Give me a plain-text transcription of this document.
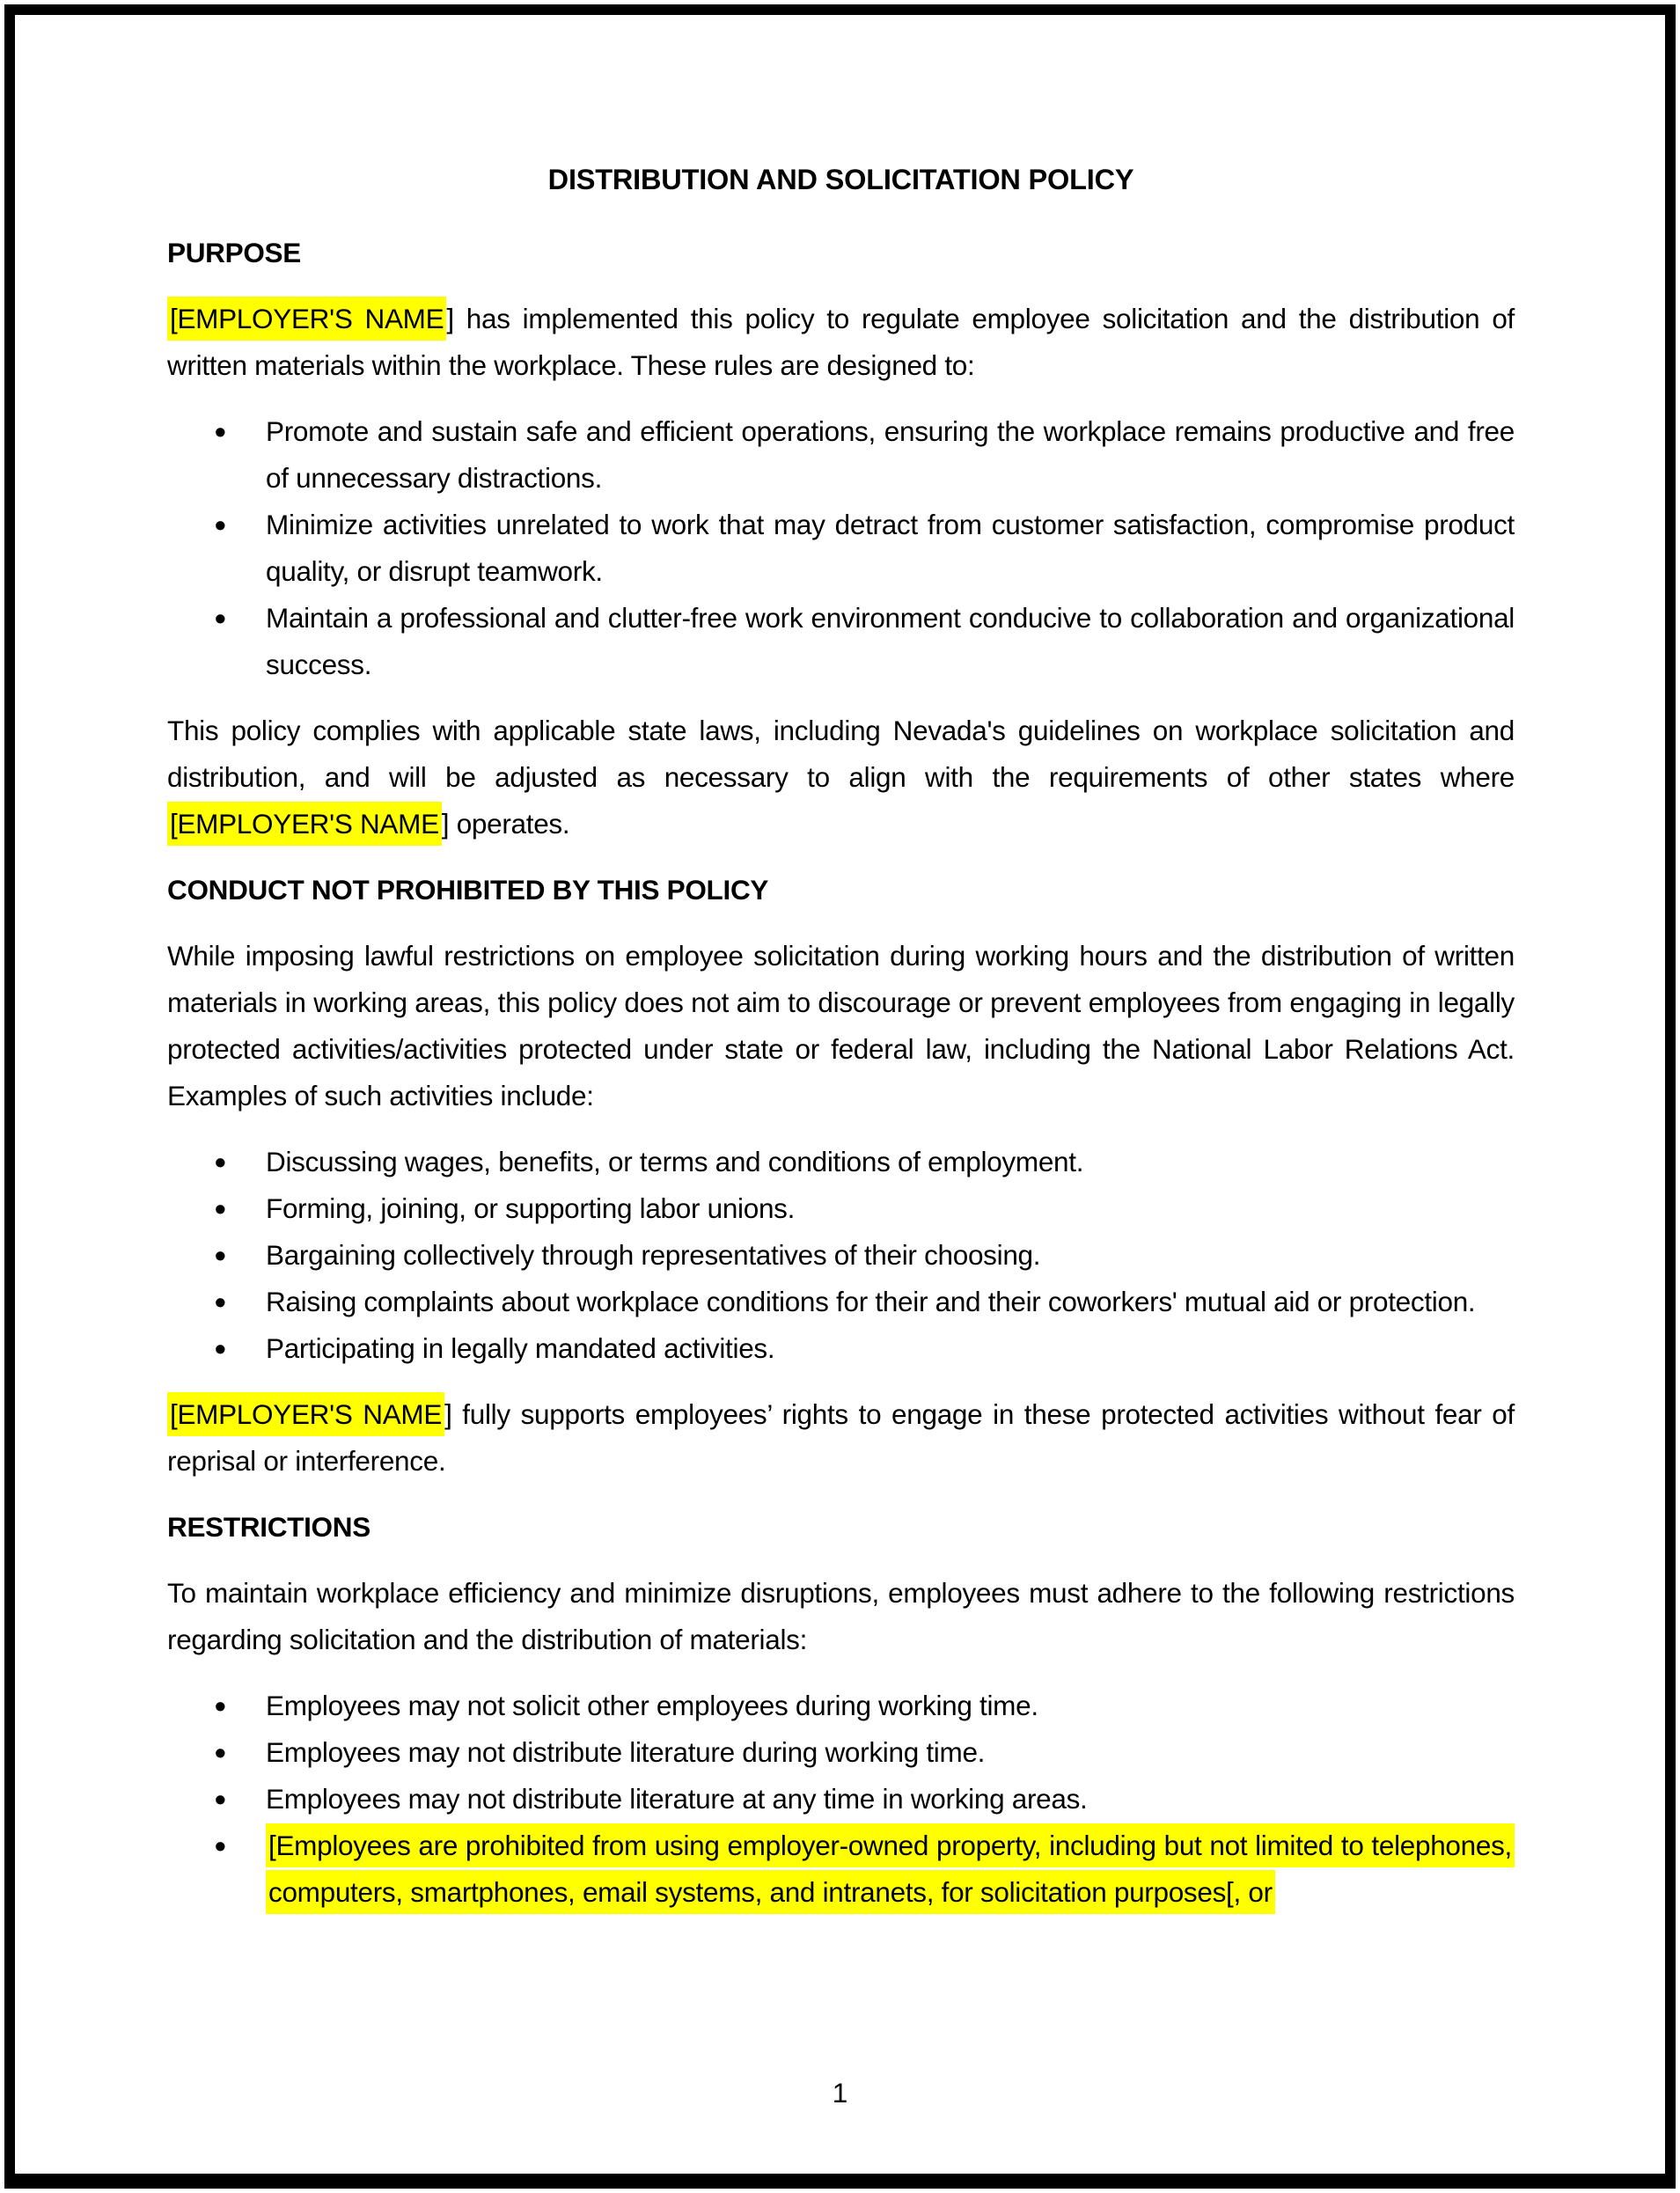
DISTRIBUTION AND SOLICITATION POLICY
PURPOSE

[EMPLOYER'S NAME] has implemented this policy to regulate employee solicitation and the distribution of written materials within the workplace. These rules are designed to:

• Promote and sustain safe and efficient operations, ensuring the workplace remains productive and free of unnecessary distractions.
• Minimize activities unrelated to work that may detract from customer satisfaction, compromise product quality, or disrupt teamwork.
• Maintain a professional and clutter-free work environment conducive to collaboration and organizational success.

This policy complies with applicable state laws, including Nevada's guidelines on workplace solicitation and distribution, and will be adjusted as necessary to align with the requirements of other states where [EMPLOYER'S NAME] operates.

CONDUCT NOT PROHIBITED BY THIS POLICY

While imposing lawful restrictions on employee solicitation during working hours and the distribution of written materials in working areas, this policy does not aim to discourage or prevent employees from engaging in legally protected activities/activities protected under state or federal law, including the National Labor Relations Act. Examples of such activities include:

• Discussing wages, benefits, or terms and conditions of employment.
• Forming, joining, or supporting labor unions.
• Bargaining collectively through representatives of their choosing.
• Raising complaints about workplace conditions for their and their coworkers' mutual aid or protection.
• Participating in legally mandated activities.

[EMPLOYER'S NAME] fully supports employees’ rights to engage in these protected activities without fear of reprisal or interference.

RESTRICTIONS

To maintain workplace efficiency and minimize disruptions, employees must adhere to the following restrictions regarding solicitation and the distribution of materials:

• Employees may not solicit other employees during working time.
• Employees may not distribute literature during working time.
• Employees may not distribute literature at any time in working areas.
• [Employees are prohibited from using employer-owned property, including but not limited to telephones, computers, smartphones, email systems, and intranets, for solicitation purposes[, or
1
